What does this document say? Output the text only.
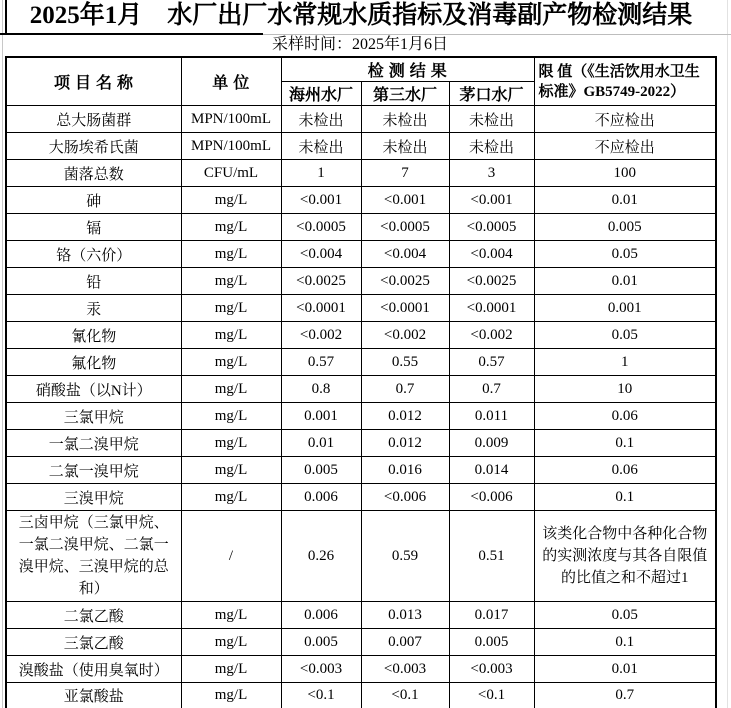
2025年1月　水厂出厂水常规水质指标及消毒副产物检测结果
采样时间：2025年1月6日
项 目 名 称	单 位	检 测 结 果			限 值（《生活饮用水卫生标准》GB5749-2022）
		海州水厂	第三水厂	茅口水厂	
总大肠菌群	MPN/100mL	未检出	未检出	未检出	不应检出
大肠埃希氏菌	MPN/100mL	未检出	未检出	未检出	不应检出
菌落总数	CFU/mL	1	7	3	100
砷	mg/L	<0.001	<0.001	<0.001	0.01
镉	mg/L	<0.0005	<0.0005	<0.0005	0.005
铬（六价）	mg/L	<0.004	<0.004	<0.004	0.05
铅	mg/L	<0.0025	<0.0025	<0.0025	0.01
汞	mg/L	<0.0001	<0.0001	<0.0001	0.001
氰化物	mg/L	<0.002	<0.002	<0.002	0.05
氟化物	mg/L	0.57	0.55	0.57	1
硝酸盐（以N计）	mg/L	0.8	0.7	0.7	10
三氯甲烷	mg/L	0.001	0.012	0.011	0.06
一氯二溴甲烷	mg/L	0.01	0.012	0.009	0.1
二氯一溴甲烷	mg/L	0.005	0.016	0.014	0.06
三溴甲烷	mg/L	0.006	<0.006	<0.006	0.1
三卤甲烷（三氯甲烷、一氯二溴甲烷、二氯一溴甲烷、三溴甲烷的总和）	/	0.26	0.59	0.51	该类化合物中各种化合物的实测浓度与其各自限值的比值之和不超过1
二氯乙酸	mg/L	0.006	0.013	0.017	0.05
三氯乙酸	mg/L	0.005	0.007	0.005	0.1
溴酸盐（使用臭氧时）	mg/L	<0.003	<0.003	<0.003	0.01
亚氯酸盐	mg/L	<0.1	<0.1	<0.1	0.7
